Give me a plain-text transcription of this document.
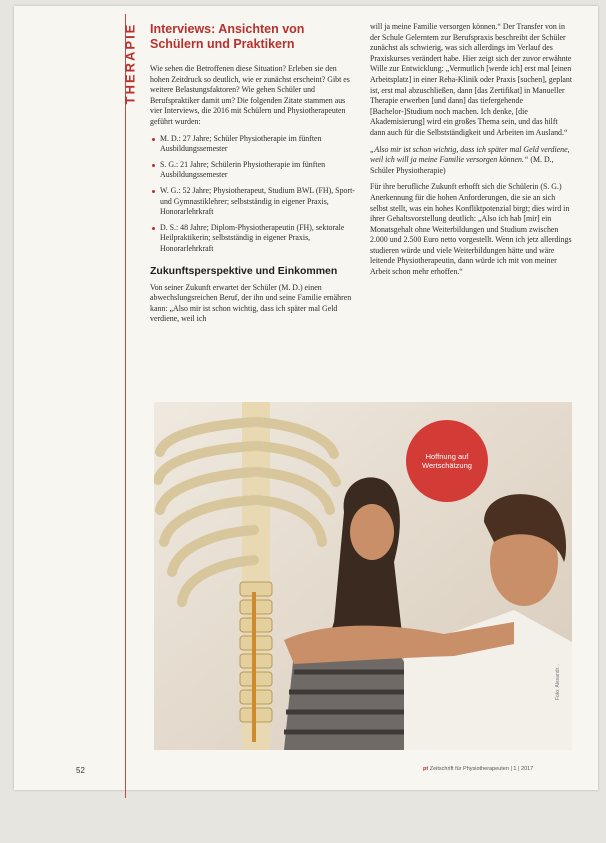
THERAPIE Interviews: Ansichten von Schülern und Praktikern

Wie sehen die Betroffenen diese Situation? Erleben sie den hohen Zeitdruck so deutlich, wie er zunächst erscheint? Gibt es weitere Belastungsfaktoren? Wie gehen Schüler und Berufspraktiker damit um? Die folgenden Zitate stammen aus vier Interviews, die 2016 mit Schülern und Physiotherapeuten geführt wurden:

M. D.: 27 Jahre; Schüler Physiotherapie im fünften Ausbildungssemester
S. G.: 21 Jahre; Schülerin Physiotherapie im fünften Ausbildungssemester
W. G.: 52 Jahre; Physiotherapeut, Studium BWL (FH), Sport- und Gymnastiklehrer; selbstständig in eigener Praxis, Honorarlehrkraft
D. S.: 48 Jahre; Diplom-Physiotherapeutin (FH), sektorale Heilpraktikerin; selbstständig in eigener Praxis, Honorarlehrkraft
Zukunftsperspektive und Einkommen

Von seiner Zukunft erwartet der Schüler (M. D.) einen abwechslungsreichen Beruf, der ihn und seine Familie ernähren kann: „Also mir ist schon wichtig, dass ich später mal Geld verdiene, weil ich

will ja meine Familie versorgen können.“ Der Transfer von in der Schule Gelerntem zur Berufspraxis beschreibt der Schüler zunächst als schwierig, was sich allerdings im Verlauf des Praxiskurses verändert habe. Hier zeigt sich der zuvor erwähnte Wille zur Entwicklung: „Vermutlich [werde ich] erst mal [einen Arbeitsplatz] in einer Reha-Klinik oder Praxis [suchen], geplant ist, erst mal abzuschließen, dann [das Zertifikat] in Manueller Therapie erwerben [und dann] das tiefergehende [Bachelor-]Studium noch machen. Ich denke, [die Akademisierung] wird ein großes Thema sein, und das hilft dann auch für die Selbstständigkeit und Arbeiten im Ausland.“

„Also mir ist schon wichtig, dass ich später mal Geld verdiene, weil ich will ja meine Familie versorgen können.“ (M. D., Schüler Physiotherapie)

Für ihre berufliche Zukunft erhofft sich die Schülerin (S. G.) Anerkennung für die hohen Anforderungen, die sie an sich selbst stellt, was ein hohes Konfliktpotenzial birgt; dies wird in ihrer Gehaltsvorstellung deutlich: „Also ich hab [mir] ein Monatsgehalt ohne Weiterbildungen und Studium zwischen 2.000 und 2.500 Euro netto vorgestellt. Wenn ich jetz allerdings studieren würde und viele Weiterbildungen hätte und wäre leitende Physiotherapeutin, dann würde ich mit von meiner Arbeit schon mehr erhoffen.“

Hoffnung auf Wertschätzung
Foto: Alexandr...
52	pt Zeitschrift für Physiotherapeuten | 1 | 2017
